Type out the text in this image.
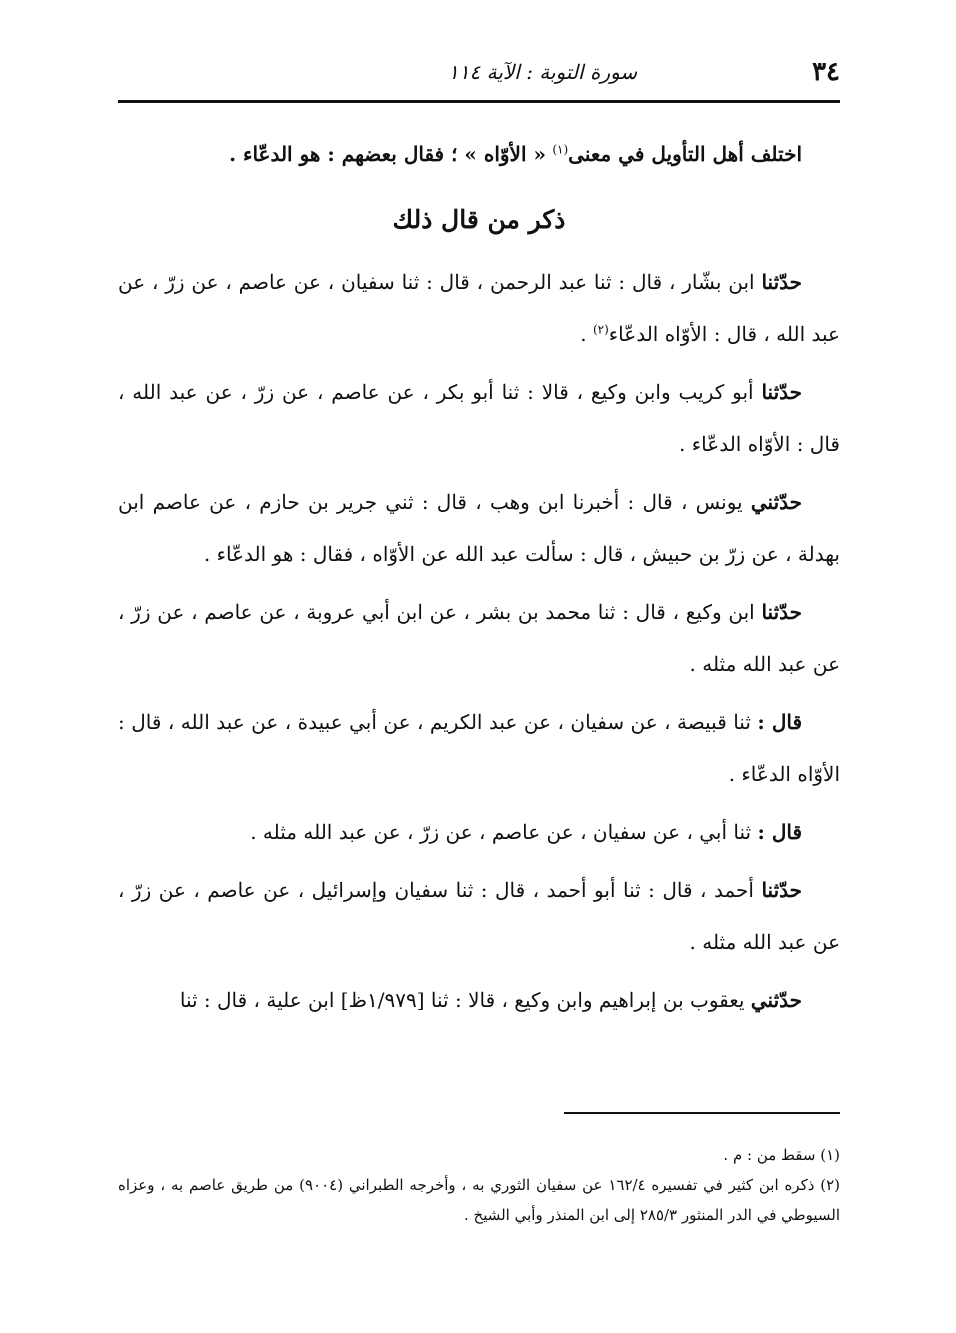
٣٤
سورة التوبة : الآية ١١٤

اختلف أهل التأويل في معنى$^{(١)}$ « الأوّاه » ؛ فقال بعضهم : هو الدعّاء .

ذكر من قال ذلك

حدّثنا ابن بشّار ، قال : ثنا عبد الرحمن ، قال : ثنا سفيان ، عن عاصم ، عن زرّ ، عن عبد الله ، قال : الأوّاه الدعّاء$^{(٢)}$ .

حدّثنا أبو كريب وابن وكيع ، قالا : ثنا أبو بكر ، عن عاصم ، عن زرّ ، عن عبد الله ، قال : الأوّاه الدعّاء .

حدّثني يونس ، قال : أخبرنا ابن وهب ، قال : ثني جرير بن حازم ، عن عاصم ابن بهدلة ، عن زرّ بن حبيش ، قال : سألت عبد الله عن الأوّاه ، فقال : هو الدعّاء .

حدّثنا ابن وكيع ، قال : ثنا محمد بن بشر ، عن ابن أبي عروبة ، عن عاصم ، عن زرّ ، عن عبد الله مثله .

قال : ثنا قبيصة ، عن سفيان ، عن عبد الكريم ، عن أبي عبيدة ، عن عبد الله ، قال : الأوّاه الدعّاء .

قال : ثنا أبي ، عن سفيان ، عن عاصم ، عن زرّ ، عن عبد الله مثله .

حدّثنا أحمد ، قال : ثنا أبو أحمد ، قال : ثنا سفيان وإسرائيل ، عن عاصم ، عن زرّ ، عن عبد الله مثله .

حدّثني يعقوب بن إبراهيم وابن وكيع ، قالا : ثنا [١/٩٧٩ظ] ابن علية ، قال : ثنا

(١) سقط من : م .

(٢) ذكره ابن كثير في تفسيره ١٦٢/٤ عن سفيان الثوري به ، وأخرجه الطبراني (٩٠٠٤) من طريق عاصم به ، وعزاه السيوطي في الدر المنثور ٢٨٥/٣ إلى ابن المنذر وأبي الشيخ .
